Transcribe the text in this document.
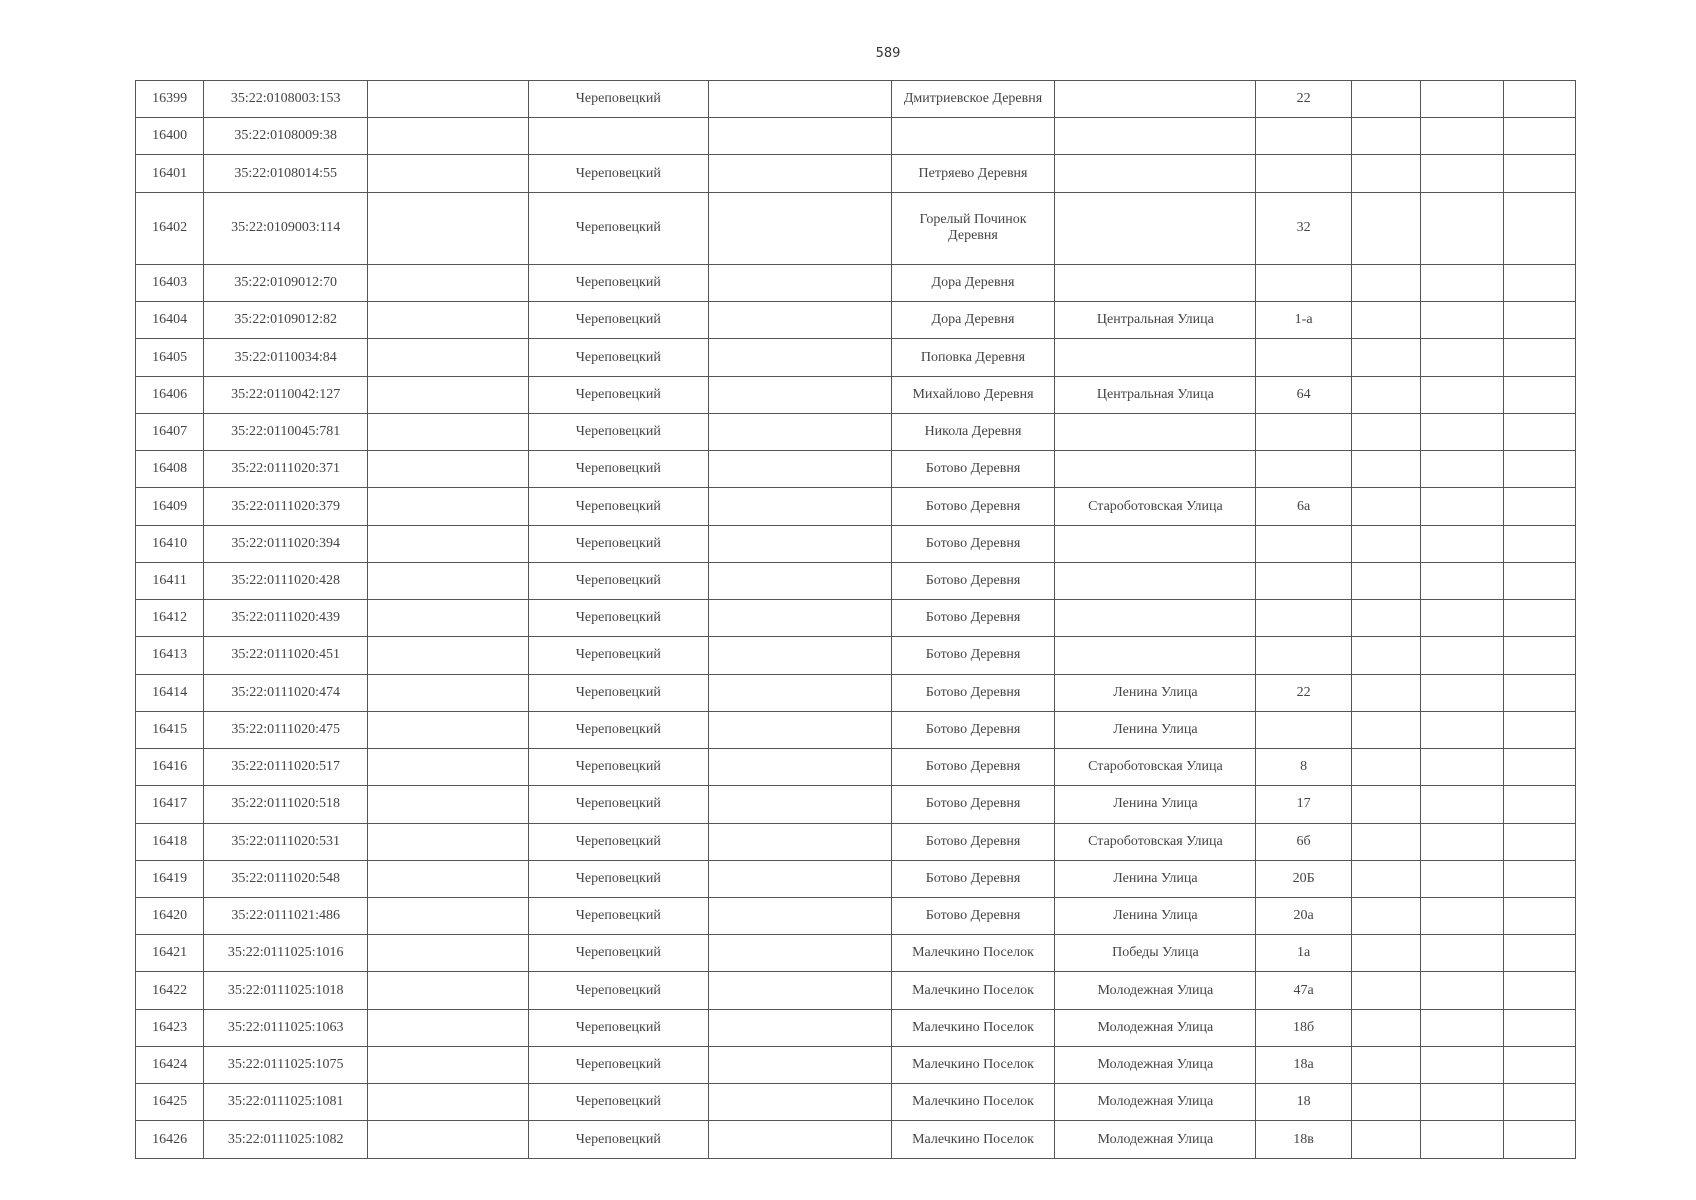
589
16399	35:22:0108003:153		Череповецкий		Дмитриевское Деревня		22			
16400	35:22:0108009:38									
16401	35:22:0108014:55		Череповецкий		Петряево Деревня					
16402	35:22:0109003:114		Череповецкий		Горелый Починок Деревня		32			
16403	35:22:0109012:70		Череповецкий		Дора Деревня					
16404	35:22:0109012:82		Череповецкий		Дора Деревня	Центральная Улица	1-а			
16405	35:22:0110034:84		Череповецкий		Поповка Деревня					
16406	35:22:0110042:127		Череповецкий		Михайлово Деревня	Центральная Улица	64			
16407	35:22:0110045:781		Череповецкий		Никола Деревня					
16408	35:22:0111020:371		Череповецкий		Ботово Деревня					
16409	35:22:0111020:379		Череповецкий		Ботово Деревня	Староботовская Улица	6а			
16410	35:22:0111020:394		Череповецкий		Ботово Деревня					
16411	35:22:0111020:428		Череповецкий		Ботово Деревня					
16412	35:22:0111020:439		Череповецкий		Ботово Деревня					
16413	35:22:0111020:451		Череповецкий		Ботово Деревня					
16414	35:22:0111020:474		Череповецкий		Ботово Деревня	Ленина Улица	22			
16415	35:22:0111020:475		Череповецкий		Ботово Деревня	Ленина Улица				
16416	35:22:0111020:517		Череповецкий		Ботово Деревня	Староботовская Улица	8			
16417	35:22:0111020:518		Череповецкий		Ботово Деревня	Ленина Улица	17			
16418	35:22:0111020:531		Череповецкий		Ботово Деревня	Староботовская Улица	6б			
16419	35:22:0111020:548		Череповецкий		Ботово Деревня	Ленина Улица	20Б			
16420	35:22:0111021:486		Череповецкий		Ботово Деревня	Ленина Улица	20а			
16421	35:22:0111025:1016		Череповецкий		Малечкино Поселок	Победы Улица	1а			
16422	35:22:0111025:1018		Череповецкий		Малечкино Поселок	Молодежная Улица	47а			
16423	35:22:0111025:1063		Череповецкий		Малечкино Поселок	Молодежная Улица	18б			
16424	35:22:0111025:1075		Череповецкий		Малечкино Поселок	Молодежная Улица	18а			
16425	35:22:0111025:1081		Череповецкий		Малечкино Поселок	Молодежная Улица	18			
16426	35:22:0111025:1082		Череповецкий		Малечкино Поселок	Молодежная Улица	18в			
